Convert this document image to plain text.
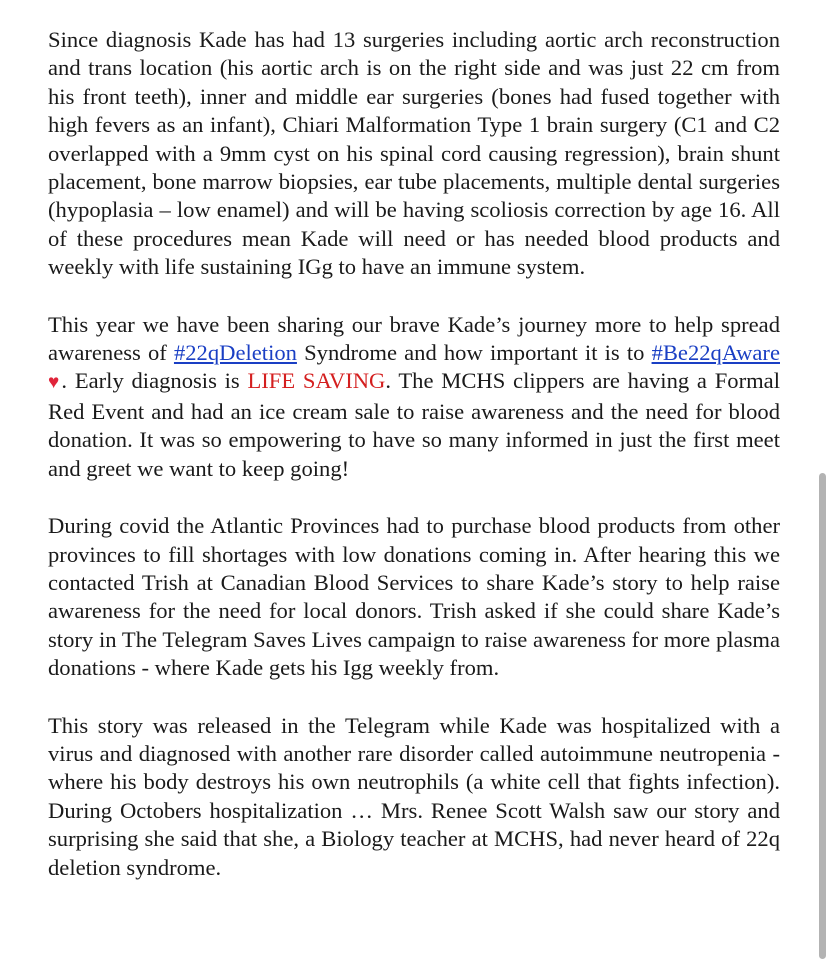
Since diagnosis Kade has had 13 surgeries including aortic arch reconstruction and trans location (his aortic arch is on the right side and was just 22 cm from his front teeth), inner and middle ear surgeries (bones had fused together with high fevers as an infant), Chiari Malformation Type 1 brain surgery (C1 and C2 overlapped with a 9mm cyst on his spinal cord causing regression), brain shunt placement, bone marrow biopsies, ear tube placements, multiple dental surgeries (hypoplasia – low enamel) and will be having scoliosis correction by age 16. All of these procedures mean Kade will need or has needed blood products and weekly with life sustaining IGg to have an immune system.

This year we have been sharing our brave Kade’s journey more to help spread awareness of #22qDeletion Syndrome and how important it is to #Be22qAware ♥. Early diagnosis is LIFE SAVING. The MCHS clippers are having a Formal Red Event and had an ice cream sale to raise awareness and the need for blood donation. It was so empowering to have so many informed in just the first meet and greet we want to keep going!

During covid the Atlantic Provinces had to purchase blood products from other provinces to fill shortages with low donations coming in. After hearing this we contacted Trish at Canadian Blood Services to share Kade’s story to help raise awareness for the need for local donors. Trish asked if she could share Kade’s story in The Telegram Saves Lives campaign to raise awareness for more plasma donations - where Kade gets his Igg weekly from.

This story was released in the Telegram while Kade was hospitalized with a virus and diagnosed with another rare disorder called autoimmune neutropenia - where his body destroys his own neutrophils (a white cell that fights infection). During Octobers hospitalization … Mrs. Renee Scott Walsh saw our story and surprising she said that she, a Biology teacher at MCHS, had never heard of 22q deletion syndrome.
